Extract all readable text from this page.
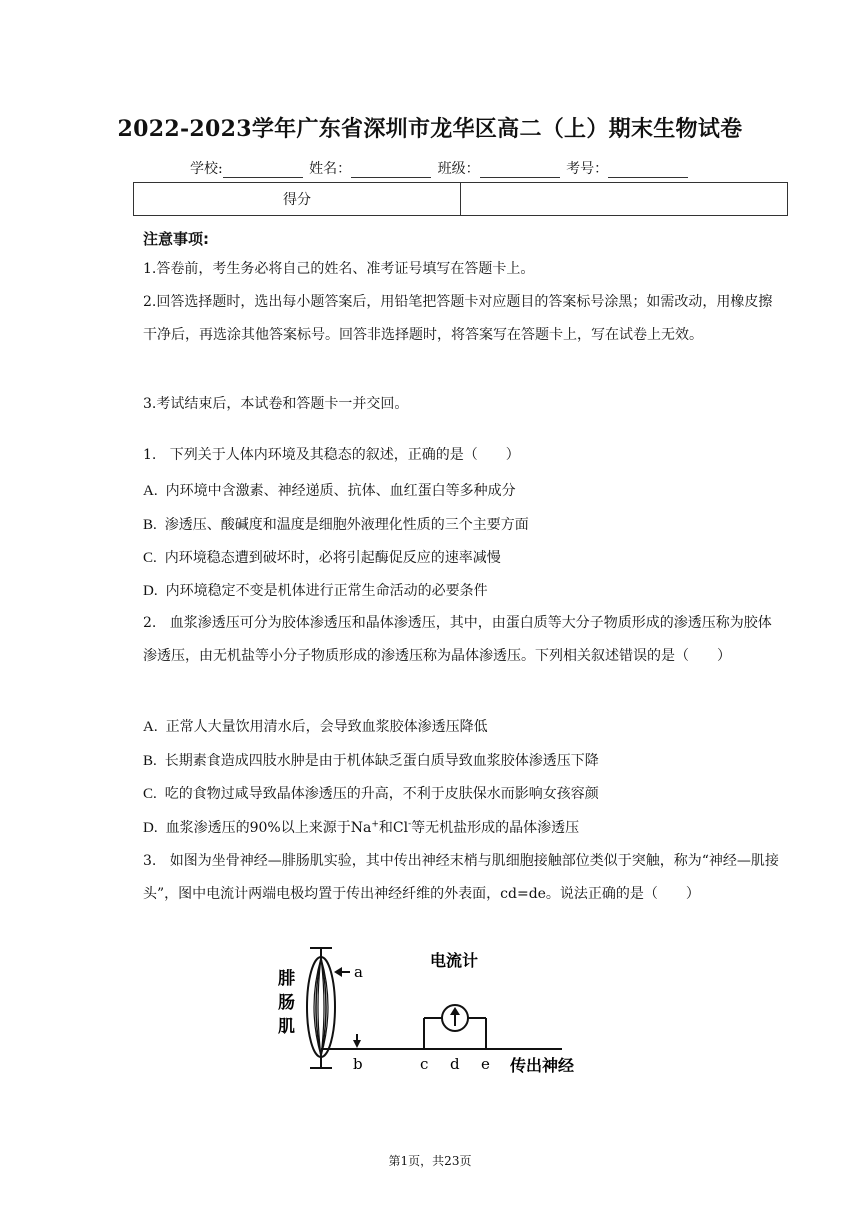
2022-2023学年广东省深圳市龙华区高二（上）期末生物试卷
学校:	姓名：	班级：	考号：
得分	
注意事项:
1.答卷前，考生务必将自己的姓名、准考证号填写在答题卡上。
2.回答选择题时，选出每小题答案后，用铅笔把答题卡对应题目的答案标号涂黑；如需改动，用橡皮擦干净后，再选涂其他答案标号。回答非选择题时，将答案写在答题卡上，写在试卷上无效。
3.考试结束后，本试卷和答题卡一并交回。
1. 下列关于人体内环境及其稳态的叙述，正确的是（　　）
A. 内环境中含激素、神经递质、抗体、血红蛋白等多种成分
B. 渗透压、酸碱度和温度是细胞外液理化性质的三个主要方面
C. 内环境稳态遭到破坏时，必将引起酶促反应的速率减慢
D. 内环境稳定不变是机体进行正常生命活动的必要条件
2. 血浆渗透压可分为胶体渗透压和晶体渗透压，其中，由蛋白质等大分子物质形成的渗透压称为胶体渗透压，由无机盐等小分子物质形成的渗透压称为晶体渗透压。下列相关叙述错误的是（　　）
A. 正常人大量饮用清水后，会导致血浆胶体渗透压降低
B. 长期素食造成四肢水肿是由于机体缺乏蛋白质导致血浆胶体渗透压下降
C. 吃的食物过咸导致晶体渗透压的升高，不利于皮肤保水而影响女孩容颜
D. 血浆渗透压的90%以上来源于Na+和Cl-等无机盐形成的晶体渗透压
3. 如图为坐骨神经—腓肠肌实验，其中传出神经末梢与肌细胞接触部位类似于突触，称为“神经—肌接头”，图中电流计两端电极均置于传出神经纤维的外表面，cd=de。说法正确的是（　　）
a
腓
肠
肌
b
电流计
c d e 传出神经
第1页，共23页
